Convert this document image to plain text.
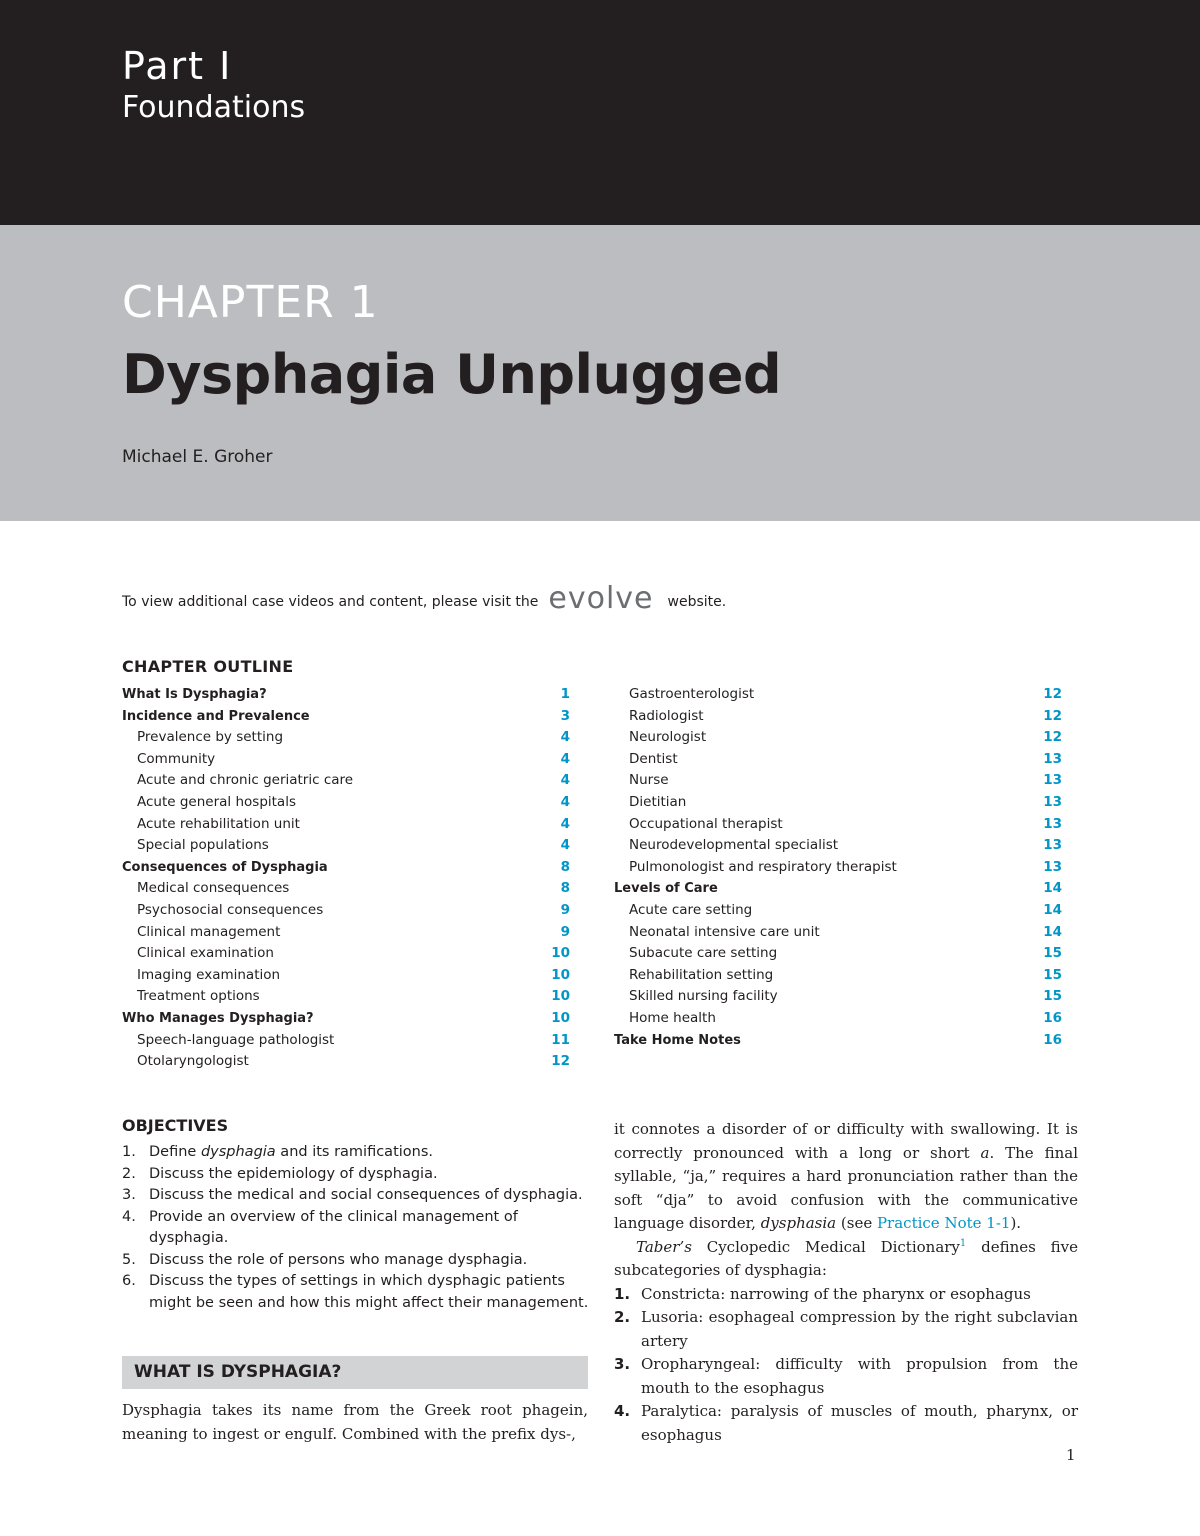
Part I
Foundations
CHAPTER 1
Dysphagia Unplugged
Michael E. Groher
To view additional case videos and content, please visit the evolve website.
CHAPTER OUTLINE
What Is Dysphagia?	1
Incidence and Prevalence	3
Prevalence by setting	4
Community	4
Acute and chronic geriatric care	4
Acute general hospitals	4
Acute rehabilitation unit	4
Special populations	4
Consequences of Dysphagia	8
Medical consequences	8
Psychosocial consequences	9
Clinical management	9
Clinical examination	10
Imaging examination	10
Treatment options	10
Who Manages Dysphagia?	10
Speech-language pathologist	11
Otolaryngologist	12
Gastroenterologist	12
Radiologist	12
Neurologist	12
Dentist	13
Nurse	13
Dietitian	13
Occupational therapist	13
Neurodevelopmental specialist	13
Pulmonologist and respiratory therapist	13
Levels of Care	14
Acute care setting	14
Neonatal intensive care unit	14
Subacute care setting	15
Rehabilitation setting	15
Skilled nursing facility	15
Home health	16
Take Home Notes	16
OBJECTIVES
1. Define dysphagia and its ramifications.
2. Discuss the epidemiology of dysphagia.
3. Discuss the medical and social consequences of dysphagia.
4. Provide an overview of the clinical management of dysphagia.
5. Discuss the role of persons who manage dysphagia.
6. Discuss the types of settings in which dysphagic patients might be seen and how this might affect their management.
WHAT IS DYSPHAGIA?

Dysphagia takes its name from the Greek root phagein, meaning to ingest or engulf. Combined with the prefix dys-,

it connotes a disorder of or difficulty with swallowing. It is correctly pronounced with a long or short a. The final syllable, “ja,” requires a hard pronunciation rather than the soft “dja” to avoid confusion with the communicative language disorder, dysphasia (see Practice Note 1-1).

Taber’s Cyclopedic Medical Dictionary$^1$ defines five subcategories of dysphagia:

1. Constricta: narrowing of the pharynx or esophagus
2. Lusoria: esophageal compression by the right subclavian artery
3. Oropharyngeal: difficulty with propulsion from the mouth to the esophagus
4. Paralytica: paralysis of muscles of mouth, pharynx, or esophagus
1
